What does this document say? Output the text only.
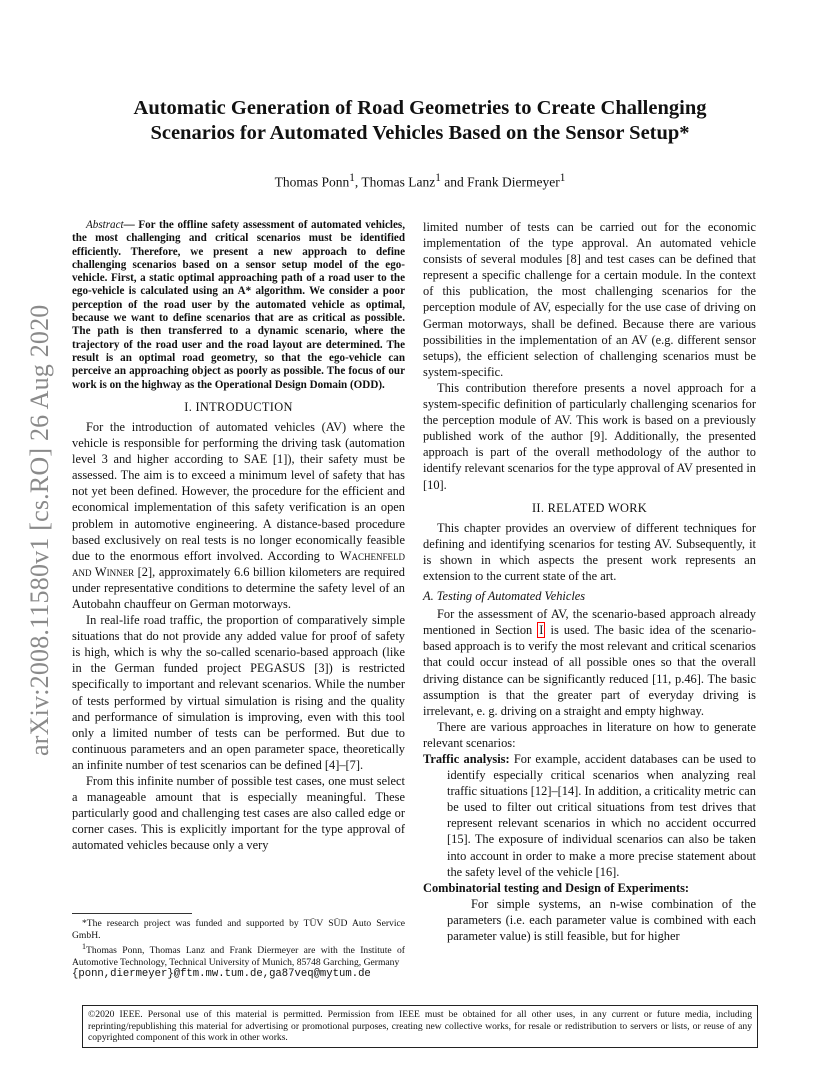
arXiv:2008.11580v1 [cs.RO] 26 Aug 2020
Automatic Generation of Road Geometries to Create Challenging
Scenarios for Automated Vehicles Based on the Sensor Setup*
Thomas Ponn$^1$, Thomas Lanz$^1$ and Frank Diermeyer$^1$

Abstract— For the offline safety assessment of automated vehicles, the most challenging and critical scenarios must be identified efficiently. Therefore, we present a new approach to define challenging scenarios based on a sensor setup model of the ego-vehicle. First, a static optimal approaching path of a road user to the ego-vehicle is calculated using an A* algorithm. We consider a poor perception of the road user by the automated vehicle as optimal, because we want to define scenarios that are as critical as possible. The path is then transferred to a dynamic scenario, where the trajectory of the road user and the road layout are determined. The result is an optimal road geometry, so that the ego-vehicle can perceive an approaching object as poorly as possible. The focus of our work is on the highway as the Operational Design Domain (ODD).

I. INTRODUCTION

For the introduction of automated vehicles (AV) where the vehicle is responsible for performing the driving task (automation level 3 and higher according to SAE [1]), their safety must be assessed. The aim is to exceed a minimum level of safety that has not yet been defined. However, the procedure for the efficient and economical implementation of this safety verification is an open problem in automotive engineering. A distance-based procedure based exclusively on real tests is no longer economically feasible due to the enormous effort involved. According to Wachenfeld and Winner [2], approximately 6.6 billion kilometers are required under representative conditions to determine the safety level of an Autobahn chauffeur on German motorways.

In real-life road traffic, the proportion of comparatively simple situations that do not provide any added value for proof of safety is high, which is why the so-called scenario-based approach (like in the German funded project PEGASUS [3]) is restricted specifically to important and relevant scenarios. While the number of tests performed by virtual simulation is rising and the quality and performance of simulation is improving, even with this tool only a limited number of tests can be performed. But due to continuous parameters and an open parameter space, theoretically an infinite number of test scenarios can be defined [4]–[7].

From this infinite number of possible test cases, one must select a manageable amount that is especially meaningful. These particularly good and challenging test cases are also called edge or corner cases. This is explicitly important for the type approval of automated vehicles because only a very

*The research project was funded and supported by TÜV SÜD Auto Service GmbH.

$^1$Thomas Ponn, Thomas Lanz and Frank Diermeyer are with the Institute of Automotive Technology, Technical University of Munich, 85748 Garching, Germany
{ponn,diermeyer}@ftm.mw.tum.de,ga87veq@mytum.de

limited number of tests can be carried out for the economic implementation of the type approval. An automated vehicle consists of several modules [8] and test cases can be defined that represent a specific challenge for a certain module. In the context of this publication, the most challenging scenarios for the perception module of AV, especially for the use case of driving on German motorways, shall be defined. Because there are various possibilities in the implementation of an AV (e.g. different sensor setups), the efficient selection of challenging scenarios must be system-specific.

This contribution therefore presents a novel approach for a system-specific definition of particularly challenging scenarios for the perception module of AV. This work is based on a previously published work of the author [9]. Additionally, the presented approach is part of the overall methodology of the author to identify relevant scenarios for the type approval of AV presented in [10].

II. RELATED WORK

This chapter provides an overview of different techniques for defining and identifying scenarios for testing AV. Subsequently, it is shown in which aspects the present work represents an extension to the current state of the art.

A. Testing of Automated Vehicles

For the assessment of AV, the scenario-based approach already mentioned in Section I is used. The basic idea of the scenario-based approach is to verify the most relevant and critical scenarios that could occur instead of all possible ones so that the overall driving distance can be significantly reduced [11, p.46]. The basic assumption is that the greater part of everyday driving is irrelevant, e. g. driving on a straight and empty highway.

There are various approaches in literature on how to generate relevant scenarios:

Traffic analysis: For example, accident databases can be used to identify especially critical scenarios when analyzing real traffic situations [12]–[14]. In addition, a criticality metric can be used to filter out critical situations from test drives that represent relevant scenarios in which no accident occurred [15]. The exposure of individual scenarios can also be taken into account in order to make a more precise statement about the safety level of the vehicle [16].

Combinatorial testing and Design of Experiments:
For simple systems, an n-wise combination of the parameters (i.e. each parameter value is combined with each parameter value) is still feasible, but for higher

©2020 IEEE. Personal use of this material is permitted. Permission from IEEE must be obtained for all other uses, in any current or future media, including reprinting/republishing this material for advertising or promotional purposes, creating new collective works, for resale or redistribution to servers or lists, or reuse of any copyrighted component of this work in other works.
